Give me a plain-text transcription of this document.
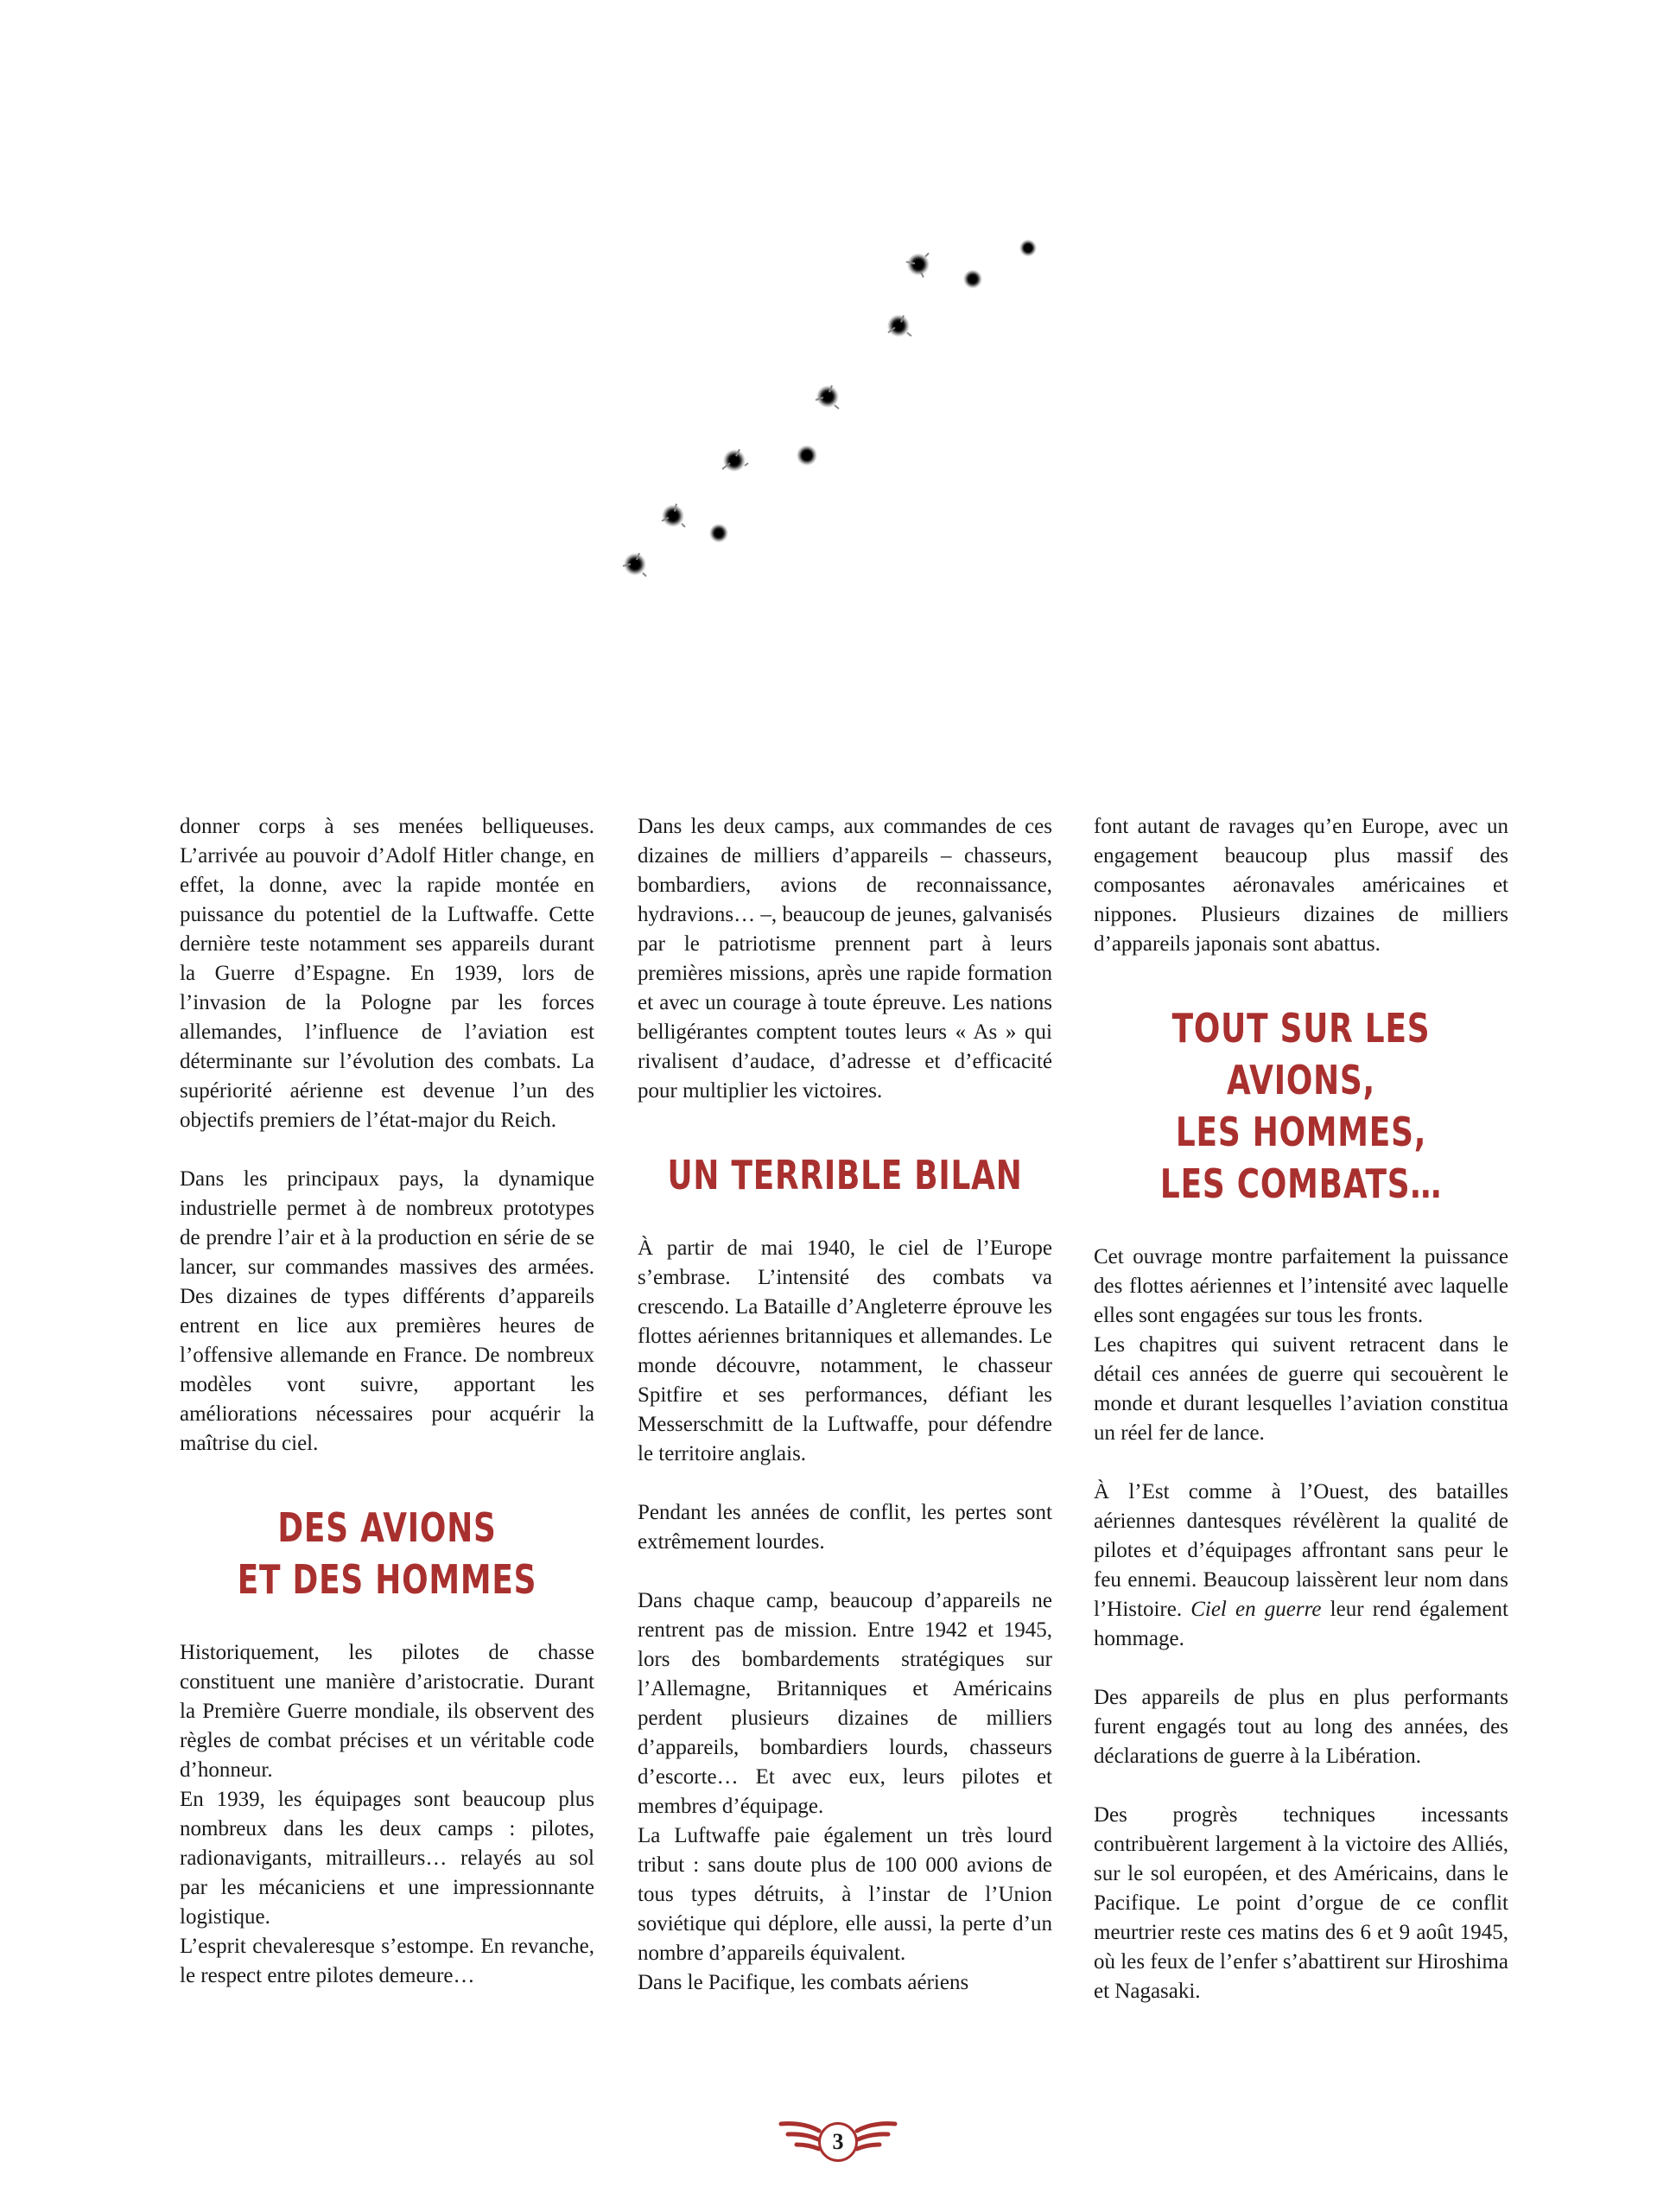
donner corps à ses menées belliqueuses. L’arrivée au pouvoir d’Adolf Hitler change, en effet, la donne, avec la rapide montée en puissance du potentiel de la Luftwaffe. Cette dernière teste notamment ses appareils durant la Guerre d’Espagne. En 1939, lors de l’invasion de la Pologne par les forces allemandes, l’influence de l’aviation est déterminante sur l’évolution des combats. La supériorité aérienne est devenue l’un des objectifs premiers de l’état-major du Reich.

Dans les principaux pays, la dynamique industrielle permet à de nombreux prototypes de prendre l’air et à la production en série de se lancer, sur commandes massives des armées. Des dizaines de types différents d’appareils entrent en lice aux premières heures de l’offensive allemande en France. De nombreux modèles vont suivre, apportant les améliorations nécessaires pour acquérir la maîtrise du ciel.

DES AVIONS
ET DES HOMMES

Historiquement, les pilotes de chasse constituent une manière d’aristocratie. Durant la Première Guerre mondiale, ils observent des règles de combat précises et un véritable code d’honneur.

En 1939, les équipages sont beaucoup plus nombreux dans les deux camps : pilotes, radionavigants, mitrailleurs… relayés au sol par les mécaniciens et une impressionnante logistique.

L’esprit chevaleresque s’estompe. En revanche, le respect entre pilotes demeure…

Dans les deux camps, aux commandes de ces dizaines de milliers d’appareils – chasseurs, bombardiers, avions de reconnaissance, hydravions… –, beaucoup de jeunes, galvanisés par le patriotisme prennent part à leurs premières missions, après une rapide formation et avec un courage à toute épreuve. Les nations belligérantes comptent toutes leurs « As » qui rivalisent d’audace, d’adresse et d’efficacité pour multiplier les victoires.

UN TERRIBLE BILAN

À partir de mai 1940, le ciel de l’Europe s’embrase. L’intensité des combats va crescendo. La Bataille d’Angleterre éprouve les flottes aériennes britanniques et allemandes. Le monde découvre, notamment, le chasseur Spitfire et ses performances, défiant les Messerschmitt de la Luftwaffe, pour défendre le territoire anglais.

Pendant les années de conflit, les pertes sont extrêmement lourdes.

Dans chaque camp, beaucoup d’appareils ne rentrent pas de mission. Entre 1942 et 1945, lors des bombardements stratégiques sur l’Allemagne, Britanniques et Américains perdent plusieurs dizaines de milliers d’appareils, bombardiers lourds, chasseurs d’escorte… Et avec eux, leurs pilotes et membres d’équipage.

La Luftwaffe paie également un très lourd tribut : sans doute plus de 100 000 avions de tous types détruits, à l’instar de l’Union soviétique qui déplore, elle aussi, la perte d’un nombre d’appareils équivalent.

Dans le Pacifique, les combats aériens

font autant de ravages qu’en Europe, avec un engagement beaucoup plus massif des composantes aéronavales américaines et nippones. Plusieurs dizaines de milliers d’appareils japonais sont abattus.

TOUT SUR LES AVIONS,
LES HOMMES,
LES COMBATS…

Cet ouvrage montre parfaitement la puissance des flottes aériennes et l’intensité avec laquelle elles sont engagées sur tous les fronts.

Les chapitres qui suivent retracent dans le détail ces années de guerre qui secouèrent le monde et durant lesquelles l’aviation constitua un réel fer de lance.

À l’Est comme à l’Ouest, des batailles aériennes dantesques révélèrent la qualité de pilotes et d’équipages affrontant sans peur le feu ennemi. Beaucoup laissèrent leur nom dans l’Histoire. Ciel en guerre leur rend également hommage.

Des appareils de plus en plus performants furent engagés tout au long des années, des déclarations de guerre à la Libération.

Des progrès techniques incessants contribuèrent largement à la victoire des Alliés, sur le sol européen, et des Américains, dans le Pacifique. Le point d’orgue de ce conflit meurtrier reste ces matins des 6 et 9 août 1945, où les feux de l’enfer s’abattirent sur Hiroshima et Nagasaki.

3
